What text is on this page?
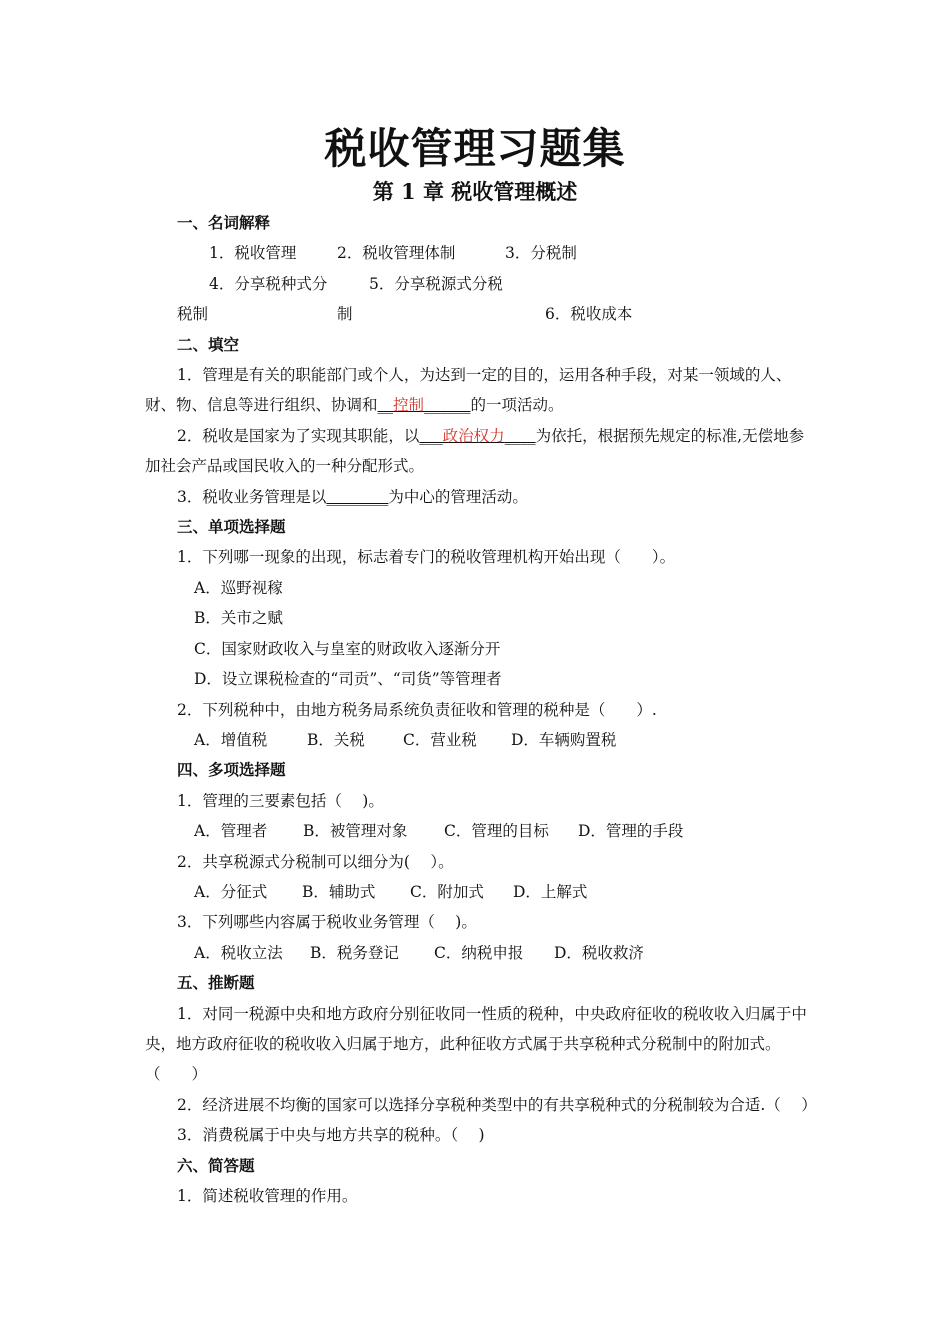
税收管理习题集
第 1 章 税收管理概述

一、名词解释

1．税收管理	2．税收管理体制	3．分税制

4．分享税种式分税制5．分享税源式分税制	6．税收成本

二、填空

1．管理是有关的职能部门或个人，为达到一定的目的，运用各种手段，对某一领域的人、财、物、信息等进行组织、协调和__控制______的一项活动。

2．税收是国家为了实现其职能，以___政治权力____为依托，根据预先规定的标准,无偿地参加社会产品或国民收入的一种分配形式。

3．税收业务管理是以________为中心的管理活动。

三、单项选择题

1．下列哪一现象的出现，标志着专门的税收管理机构开始出现（　　）。

A．巡野视稼

B．关市之赋

C．国家财政收入与皇室的财政收入逐渐分开

D．设立课税检查的“司贡”、“司货”等管理者

2．下列税种中，由地方税务局系统负责征收和管理的税种是（　　）.

A．增值税	B．关税 C．营业税 D．车辆购置税

四、多项选择题

1．管理的三要素包括（　 )。

A．管理者 B．被管理对象 C．管理的目标 D．管理的手段

2．共享税源式分税制可以细分为(　 ）。

A．分征式 B．辅助式 C．附加式 D．上解式

3．下列哪些内容属于税收业务管理（　 )。

A．税收立法 B．税务登记 C．纳税申报 D．税收救济

五、推断题

1．对同一税源中央和地方政府分别征收同一性质的税种，中央政府征收的税收收入归属于中央，地方政府征收的税收收入归属于地方，此种征收方式属于共享税种式分税制中的附加式。（　　）

2．经济进展不均衡的国家可以选择分享税种类型中的有共享税种式的分税制较为合适.（　 ）

3．消费税属于中央与地方共享的税种。（　 )

六、简答题

1．简述税收管理的作用。
